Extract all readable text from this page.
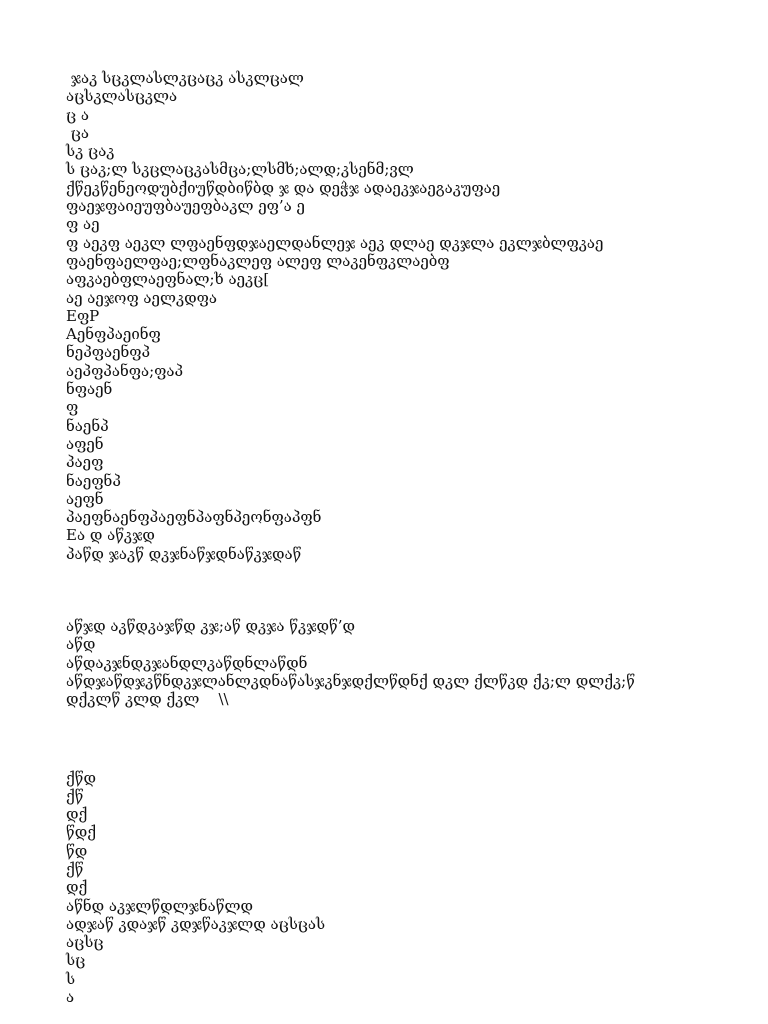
ჯაკ სცკლასლკცაცკ ასკლცალ
აცსკლასცკლა
ც ა
ცა
სკ ცაკ
ს ცაკ;ლ სკცლაცკასმცა;ლსმხ;ალდ;კსენმ;ვლ
ქწეკწენეოდუბქიუწდბიწბდ ჯ და დეჭჯ ადაეკჯაეგაკუფაე
ფაეჯფაიეუფბაუეფბაკლ ეფ’ა ე
ფ აე
ფ აეკფ აეკლ ლფაენფდჯაელდანლეჯ აეკ დლაე დკჯლა ეკლჯბლფკაე
ფაენფაელფაე;ლფნაკლეფ ალეფ ლაკენფკლაებფ
აფკაებფლაეფნალ;ხ აეკც[
აე აეჯოფ აელკდფა
EფP
Aენფპაეინფ
ნეპფაენფპ
აეპფპანფა;ფაპ
ნფაენ
ფ
ნაენპ
აფენ
პაეფ
ნაეფნპ
აეფნ
პაეფნაენფპაეფნპაფნპეონფაპფნ
Eა დ აწკჯდ
პაწდ ჯაკწ დკჯნაწჯდნაწკჯდაწ
აწჯდ აკწდკაჯწდ კჯ;აწ დკჯა წკჯდწ’დ
აწდ
აწდაკჯნდკჯანდლკაწდნლაწდნ
აწდჯაწდჯკწნდკჯლანლკდნაწასჯკნჯდქლწდნქ დკლ ქლწკდ ქკ;ლ დლქკ;წ
დქკლწ კლდ ქკლ    \\
ქწდ
ქწ
დქ
წდქ
წდ
ქწ
დქ
აწნდ აკჯლწდლჯნაწლდ
ადჯაწ კდაჯწ კდჯწაკჯლდ აცსცას
აცსც
სც
ს
ა
